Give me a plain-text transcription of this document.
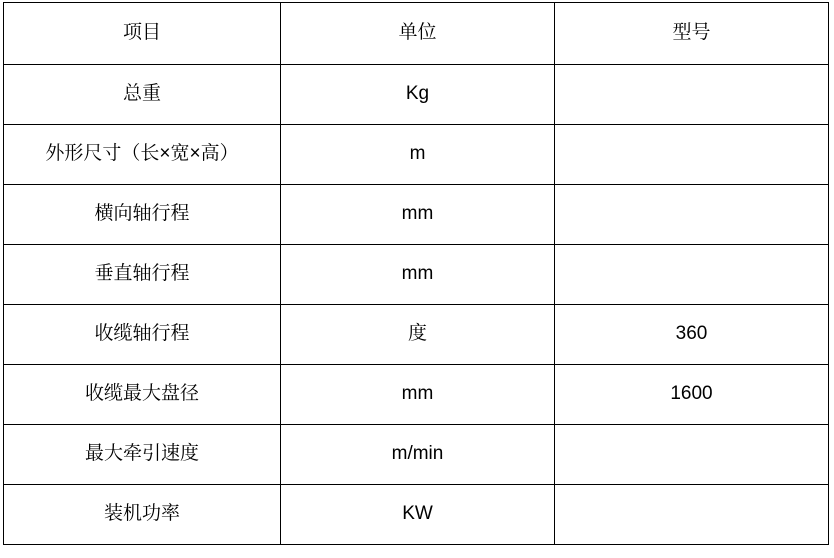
项目	单位	型号
总重	Kg	
外形尺寸（长×宽×高）	m	
横向轴行程	mm	
垂直轴行程	mm	
收缆轴行程	度	360
收缆最大盘径	mm	1600
最大牵引速度	m/min	
装机功率	KW	
